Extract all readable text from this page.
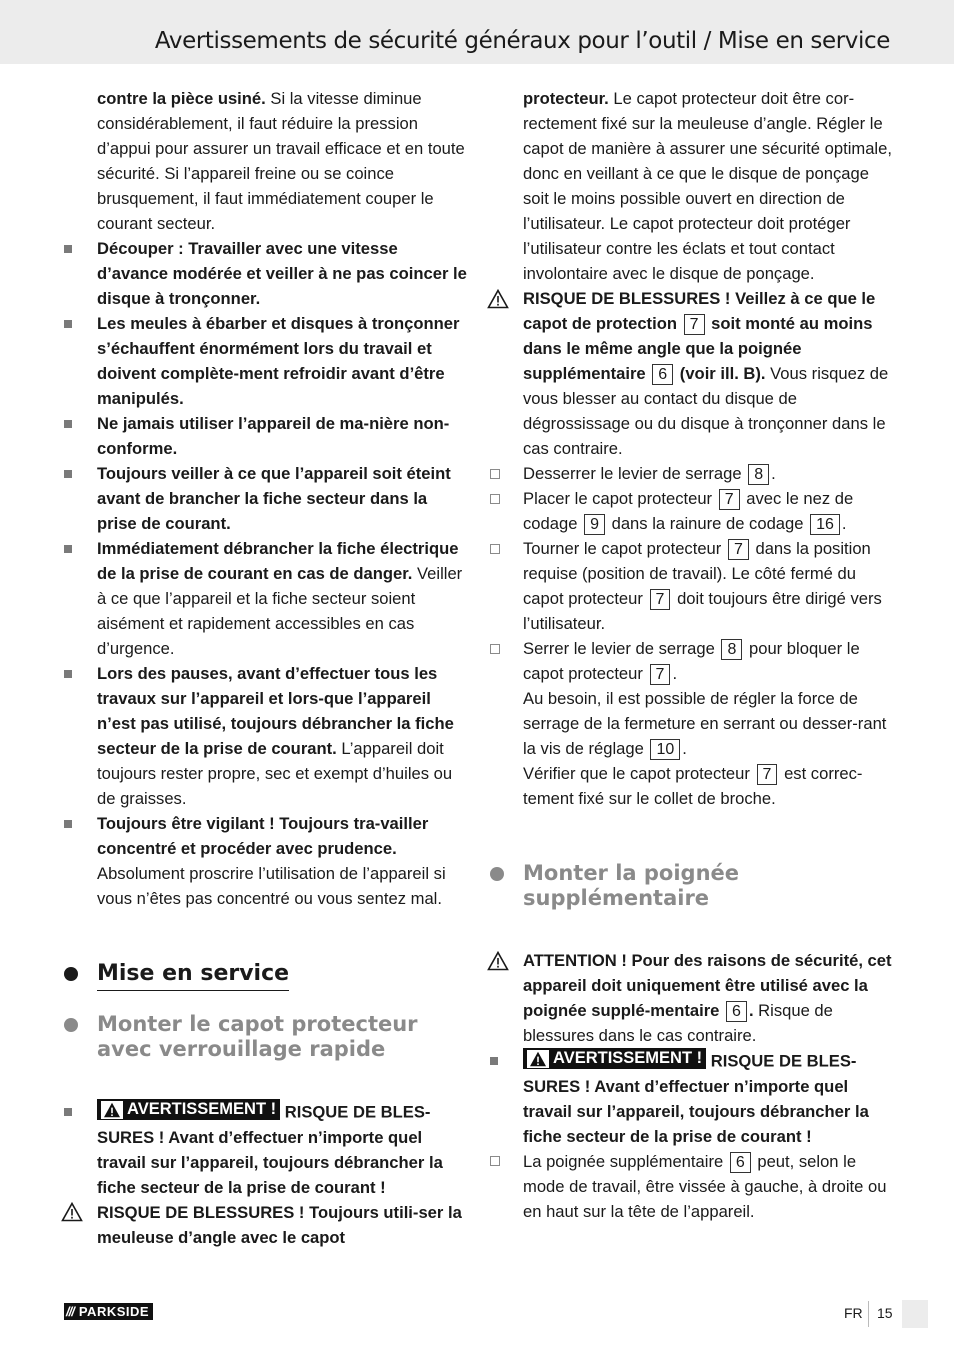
Avertissements de sécurité généraux pour l’outil / Mise en service

contre la pièce usiné. Si la vitesse diminue considérablement, il faut réduire la pression d’appui pour assurer un travail efficace et en toute sécurité. Si l’appareil freine ou se coince brusquement, il faut immédiatement couper le courant secteur.

Découper : Travailler avec une vitesse d’avance modérée et veiller à ne pas coincer le disque à tronçonner.

Les meules à ébarber et disques à tronçonner s’échauffent énormément lors du travail et doivent complète-ment refroidir avant d’être manipulés.

Ne jamais utiliser l’appareil de ma-nière non-conforme.

Toujours veiller à ce que l’appareil soit éteint avant de brancher la fiche secteur dans la prise de courant.

Immédiatement débrancher la fiche électrique de la prise de courant en cas de danger. Veiller à ce que l’appareil et la fiche secteur soient aisément et rapidement accessibles en cas d’urgence.

Lors des pauses, avant d’effectuer tous les travaux sur l’appareil et lors-que l’appareil n’est pas utilisé, toujours débrancher la fiche secteur de la prise de courant. L’appareil doit toujours rester propre, sec et exempt d’huiles ou de graisses.

Toujours être vigilant ! Toujours tra-vailler concentré et procéder avec prudence. Absolument proscrire l’utilisation de l’appareil si vous n’êtes pas concentré ou vous sentez mal.

Mise en service
Monter le capot protecteur avec verrouillage rapide

AVERTISSEMENT ! RISQUE DE BLES-SURES ! Avant d’effectuer n’importe quel travail sur l’appareil, toujours débrancher la fiche secteur de la prise de courant !

RISQUE DE BLESSURES ! Toujours utili-ser la meuleuse d’angle avec le capot

protecteur. Le capot protecteur doit être cor-rectement fixé sur la meuleuse d’angle. Régler le capot de manière à assurer une sécurité optimale, donc en veillant à ce que le disque de ponçage soit le moins possible ouvert en direction de l’utilisateur. Le capot protecteur doit protéger l’utilisateur contre les éclats et tout contact involontaire avec le disque de ponçage.

RISQUE DE BLESSURES ! Veillez à ce que le capot de protection 7 soit monté au moins dans le même angle que la poignée supplémentaire 6 (voir ill. B). Vous risquez de vous blesser au contact du disque de dégrossissage ou du disque à tronçonner dans le cas contraire.

Desserrer le levier de serrage 8 .

Placer le capot protecteur 7 avec le nez de codage 9 dans la rainure de codage 16 .

Tourner le capot protecteur 7 dans la position requise (position de travail). Le côté fermé du capot protecteur 7 doit toujours être dirigé vers l’utilisateur.

Serrer le levier de serrage 8 pour bloquer le capot protecteur 7 .
Au besoin, il est possible de régler la force de serrage de la fermeture en serrant ou desser-rant la vis de réglage 10 .
Vérifier que le capot protecteur 7 est correc-tement fixé sur le collet de broche.

Monter la poignée supplémentaire

ATTENTION ! Pour des raisons de sécurité, cet appareil doit uniquement être utilisé avec la poignée supplé-mentaire 6 . Risque de blessures dans le cas contraire.

AVERTISSEMENT ! RISQUE DE BLES-SURES ! Avant d’effectuer n’importe quel travail sur l’appareil, toujours débrancher la fiche secteur de la prise de courant !

La poignée supplémentaire 6 peut, selon le mode de travail, être vissée à gauche, à droite ou en haut sur la tête de l’appareil.

/// PARKSIDE	FR 15
